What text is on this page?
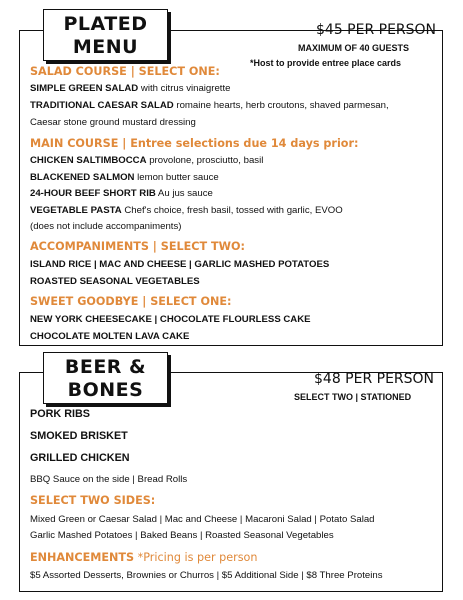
PLATED
MENU
$45 PER PERSON
MAXIMUM OF 40 GUESTS
*Host to provide entree place cards
SALAD COURSE | SELECT ONE:
SIMPLE GREEN SALAD with citrus vinaigrette
TRADITIONAL CAESAR SALAD romaine hearts, herb croutons, shaved parmesan,
Caesar stone ground mustard dressing
MAIN COURSE | Entree selections due 14 days prior:
CHICKEN SALTIMBOCCA provolone, prosciutto, basil
BLACKENED SALMON lemon butter sauce
24-HOUR BEEF SHORT RIB Au jus sauce
VEGETABLE PASTA Chef's choice, fresh basil, tossed with garlic, EVOO
(does not include accompaniments)
ACCOMPANIMENTS | SELECT TWO:
ISLAND RICE | MAC AND CHEESE | GARLIC MASHED POTATOES
ROASTED SEASONAL VEGETABLES
SWEET GOODBYE | SELECT ONE:
NEW YORK CHEESECAKE | CHOCOLATE FLOURLESS CAKE
CHOCOLATE MOLTEN LAVA CAKE
BEER &
BONES	$48 PER PERSON
SELECT TWO | STATIONED
PORK RIBS
SMOKED BRISKET
GRILLED CHICKEN
BBQ Sauce on the side | Bread Rolls
SELECT TWO SIDES:
Mixed Green or Caesar Salad | Mac and Cheese | Macaroni Salad | Potato Salad
Garlic Mashed Potatoes | Baked Beans | Roasted Seasonal Vegetables
ENHANCEMENTS *Pricing is per person
$5 Assorted Desserts, Brownies or Churros | $5 Additional Side | $8 Three Proteins
